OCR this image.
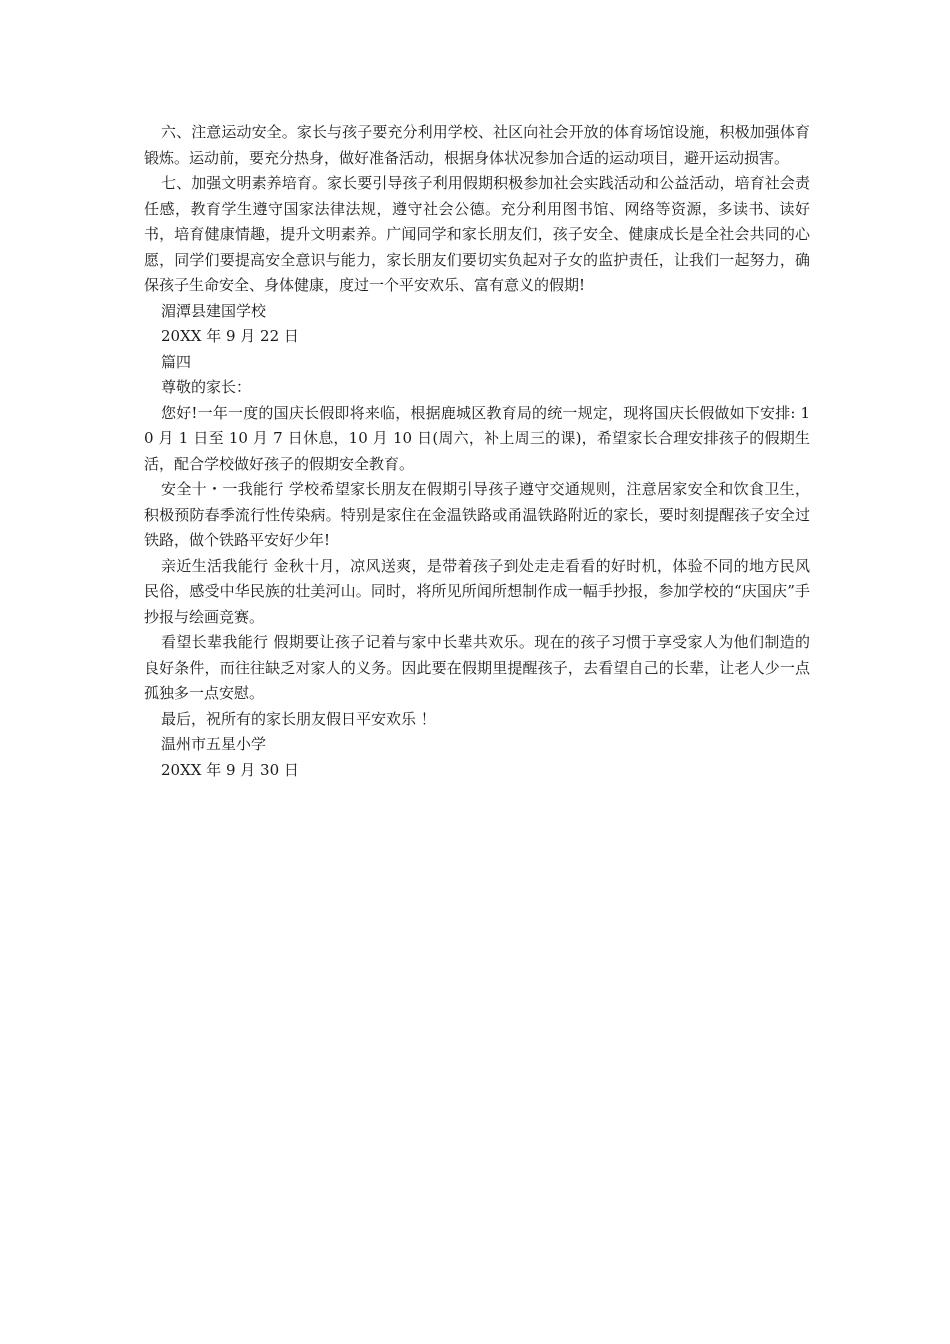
六、注意运动安全。家长与孩子要充分利用学校、社区向社会开放的体育场馆设施，积极加强体育锻炼。运动前，要充分热身，做好准备活动，根据身体状况参加合适的运动项目，避开运动损害。

七、加强文明素养培育。家长要引导孩子利用假期积极参加社会实践活动和公益活动，培育社会责任感，教育学生遵守国家法律法规，遵守社会公德。充分利用图书馆、网络等资源，多读书、读好书，培育健康情趣，提升文明素养。广闻同学和家长朋友们，孩子安全、健康成长是全社会共同的心愿，同学们要提高安全意识与能力，家长朋友们要切实负起对子女的监护责任，让我们一起努力，确保孩子生命安全、身体健康，度过一个平安欢乐、富有意义的假期!

湄潭县建国学校

20XX 年 9 月 22 日

篇四

尊敬的家长：

您好!一年一度的国庆长假即将来临，根据鹿城区教育局的统一规定，现将国庆长假做如下安排: 10 月 1 日至 10 月 7 日休息，10 月 10 日(周六，补上周三的课)，希望家长合理安排孩子的假期生活，配合学校做好孩子的假期安全教育。

安全十・一我能行 学校希望家长朋友在假期引导孩子遵守交通规则，注意居家安全和饮食卫生，积极预防春季流行性传染病。特别是家住在金温铁路或甬温铁路附近的家长，要时刻提醒孩子安全过铁路，做个铁路平安好少年!

亲近生活我能行 金秋十月，凉风送爽，是带着孩子到处走走看看的好时机，体验不同的地方民风民俗，感受中华民族的壮美河山。同时，将所见所闻所想制作成一幅手抄报，参加学校的“庆国庆”手抄报与绘画竞赛。

看望长辈我能行 假期要让孩子记着与家中长辈共欢乐。现在的孩子习惯于享受家人为他们制造的良好条件，而往往缺乏对家人的义务。因此要在假期里提醒孩子，去看望自己的长辈，让老人少一点孤独多一点安慰。

最后，祝所有的家长朋友假日平安欢乐 ！

温州市五星小学

20XX 年 9 月 30 日
